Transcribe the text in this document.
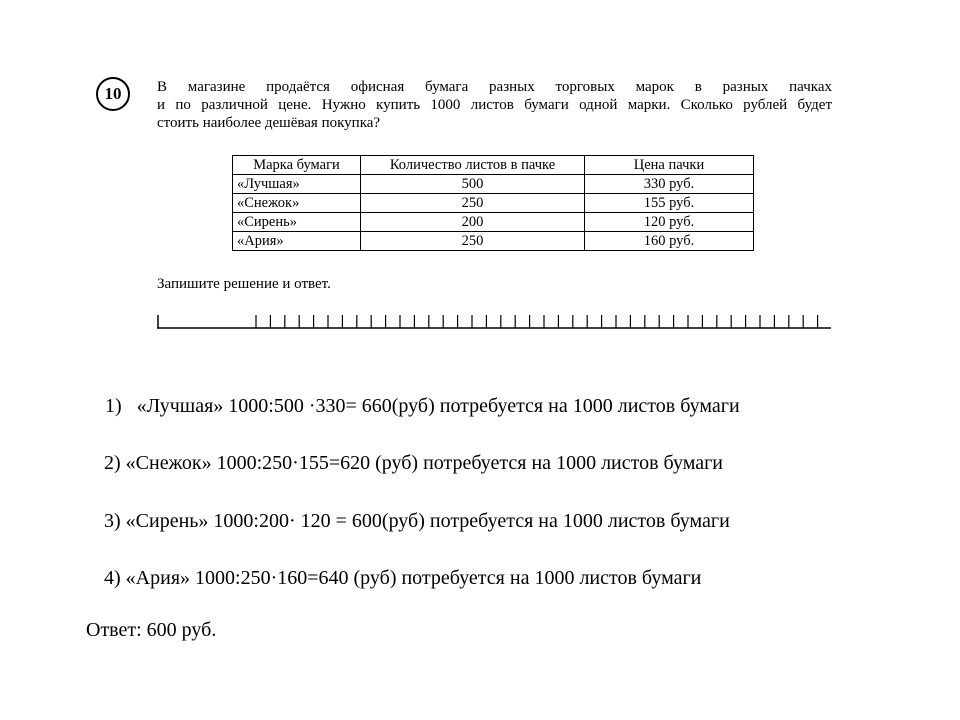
10 В магазине продаётся офисная бумага разных торговых марок в разных пачках
и по различной цене. Нужно купить 1000 листов бумаги одной марки. Сколько рублей будет
стоить наиболее дешёвая покупка?
Марка бумаги	Количество листов в пачке	Цена пачки
«Лучшая»	500	330 руб.
«Снежок»	250	155 руб.
«Сирень»	200	120 руб.
«Ария»	250	160 руб.
Запишите решение и ответ.
1) «Лучшая» 1000:500 ·330= 660(руб) потребуется на 1000 листов бумаги
2) «Снежок» 1000:250·155=620 (руб) потребуется на 1000 листов бумаги
3) «Сирень» 1000:200· 120 = 600(руб) потребуется на 1000 листов бумаги
4) «Ария» 1000:250·160=640 (руб) потребуется на 1000 листов бумаги
Ответ: 600 руб.
